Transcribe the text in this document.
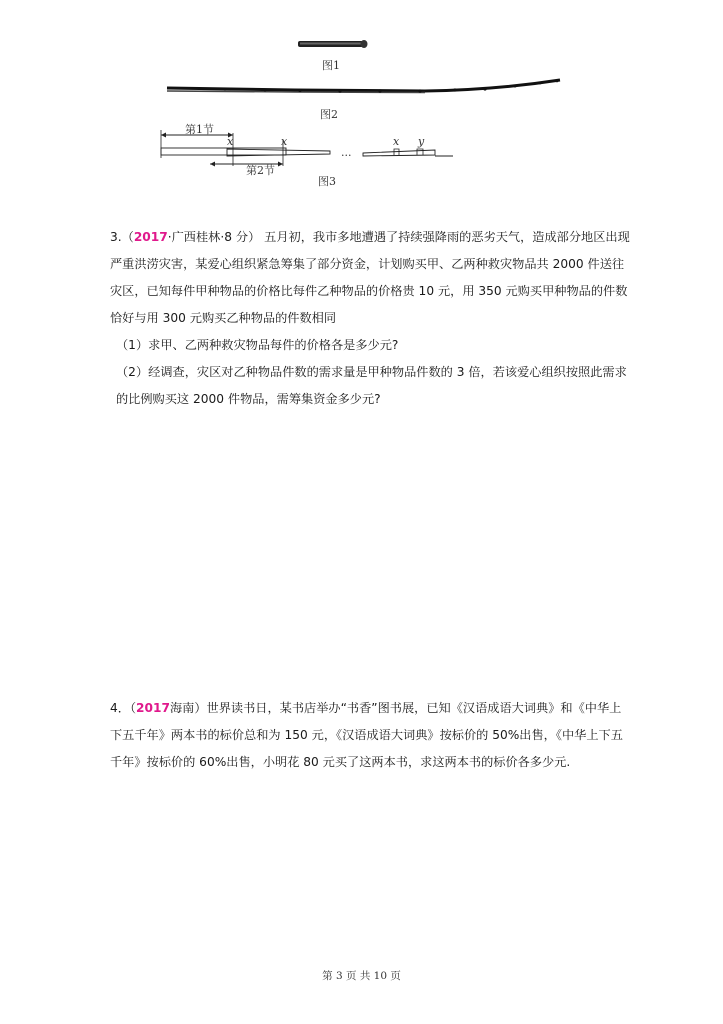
图1
图2
第1节
x	x
第2节
...
x y
图3

3.（2017·广西桂林·8 分） 五月初，我市多地遭遇了持续强降雨的恶劣天气，造成部分地区出现严重洪涝灾害，某爱心组织紧急筹集了部分资金，计划购买甲、乙两种救灾物品共 2000 件送往灾区，已知每件甲种物品的价格比每件乙种物品的价格贵 10 元，用 350 元购买甲种物品的件数恰好与用 300 元购买乙种物品的件数相同

（1）求甲、乙两种救灾物品每件的价格各是多少元?

（2）经调查，灾区对乙种物品件数的需求量是甲种物品件数的 3 倍，若该爱心组织按照此需求的比例购买这 2000 件物品，需筹集资金多少元?

4．（2017海南）世界读书日，某书店举办“书香”图书展，已知《汉语成语大词典》和《中华上下五千年》两本书的标价总和为 150 元，《汉语成语大词典》按标价的 50%出售，《中华上下五千年》按标价的 60%出售，小明花 80 元买了这两本书，求这两本书的标价各多少元.

第 3 页 共 10 页
